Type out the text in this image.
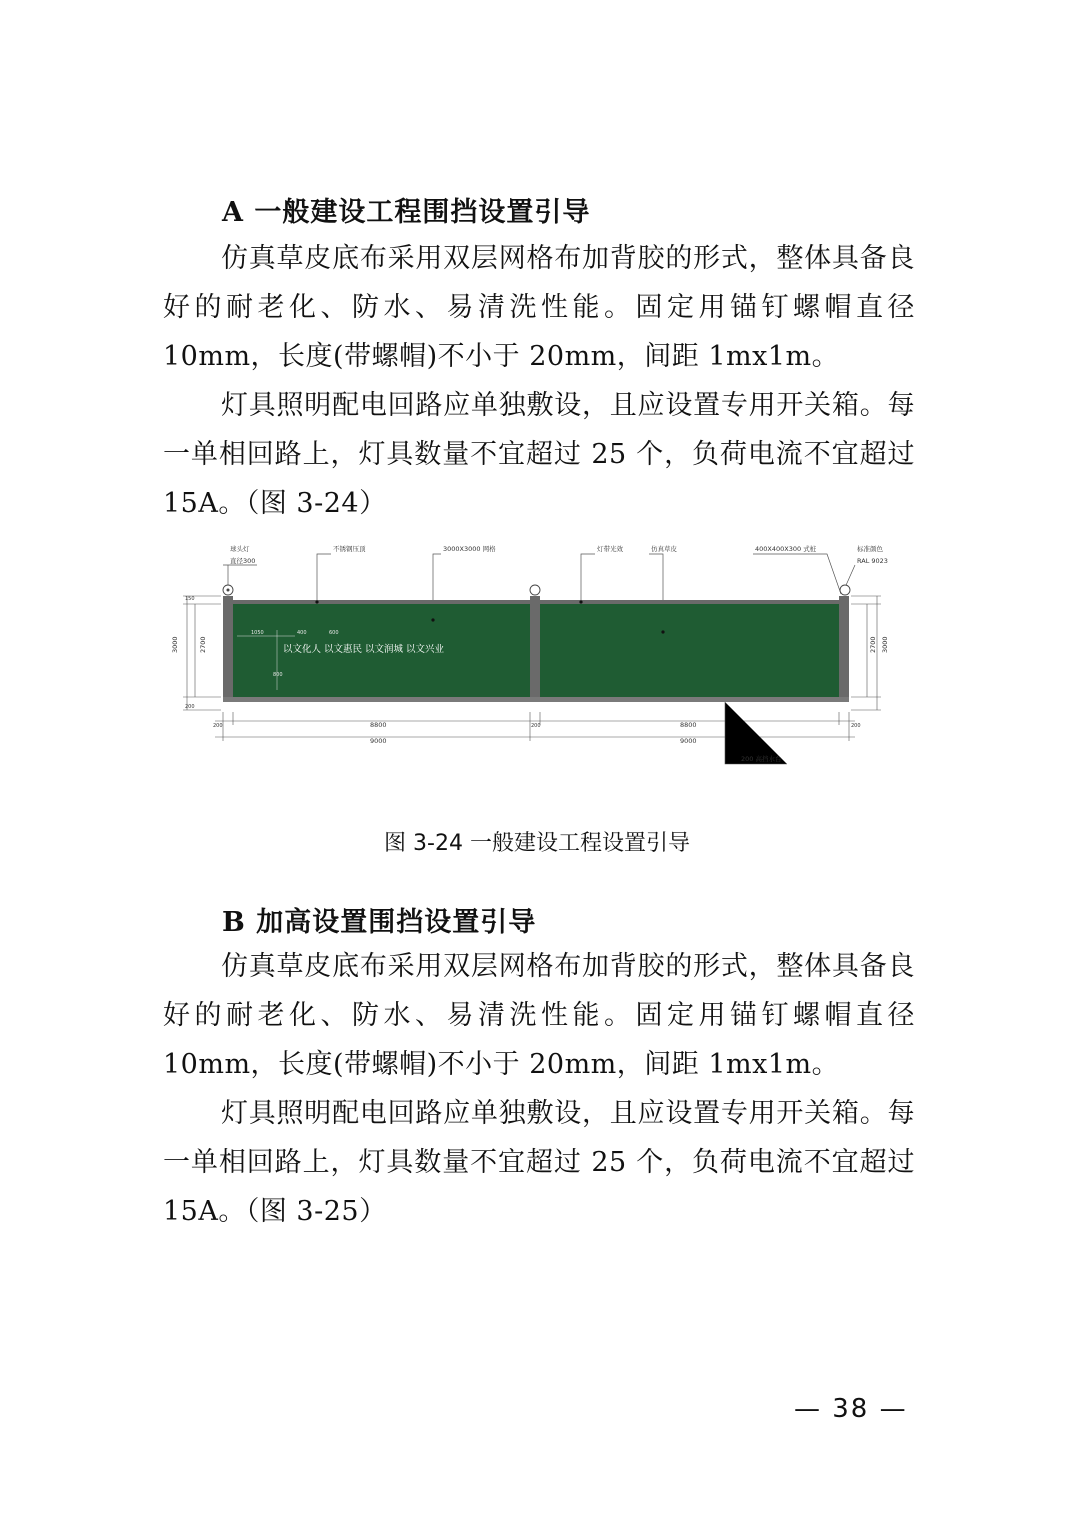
A 一般建设工程围挡设置引导

仿真草皮底布采用双层网格布加背胶的形式，整体具备良好的耐老化、防水、易清洗性能。固定用锚钉螺帽直径10mm，长度(带螺帽)不小于 20mm，间距 1mx1m。

灯具照明配电回路应单独敷设，且应设置专用开关箱。每一单相回路上，灯具数量不宜超过 25 个，负荷电流不宜超过 15A。（图 3-24）

球头灯
直径300
不锈钢压顶	3000X3000 网格	灯带光效	仿真草皮	400X400X300 式桩	标准颜色
RAL 9023
以文化人 以文惠民 以文润城 以文兴业
1050	400	600
800
3000	2700
150
200
3000
2700
200	8800	200	8800	200
9000	9000
200 高挡水台

图 3-24 一般建设工程设置引导

B 加高设置围挡设置引导

仿真草皮底布采用双层网格布加背胶的形式，整体具备良好的耐老化、防水、易清洗性能。固定用锚钉螺帽直径10mm，长度(带螺帽)不小于 20mm，间距 1mx1m。

灯具照明配电回路应单独敷设，且应设置专用开关箱。每一单相回路上，灯具数量不宜超过 25 个，负荷电流不宜超过 15A。（图 3-25）

— 38 —
